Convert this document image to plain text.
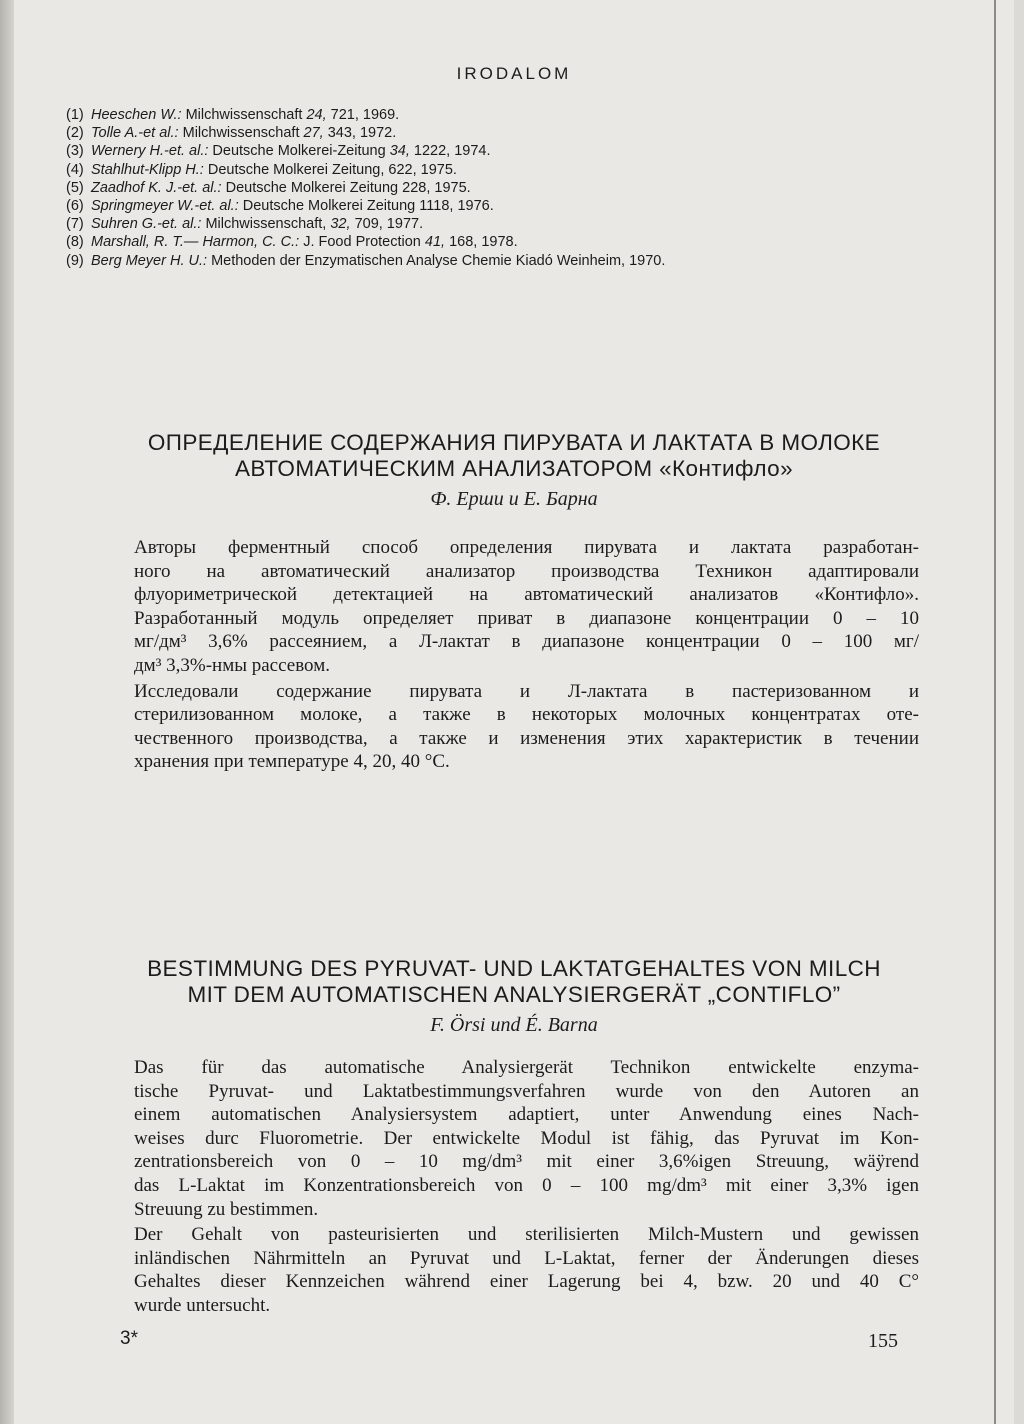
IRODALOM
(1) Heeschen W.: Milchwissenschaft 24, 721, 1969.
(2) Tolle A.-et al.: Milchwissenschaft 27, 343, 1972.
(3) Wernery H.-et. al.: Deutsche Molkerei-Zeitung 34, 1222, 1974.
(4) Stahlhut-Klipp H.: Deutsche Molkerei Zeitung, 622, 1975.
(5) Zaadhof K. J.-et. al.: Deutsche Molkerei Zeitung 228, 1975.
(6) Springmeyer W.-et. al.: Deutsche Molkerei Zeitung 1118, 1976.
(7) Suhren G.-et. al.: Milchwissenschaft, 32, 709, 1977.
(8) Marshall, R. T.— Harmon, C. C.: J. Food Protection 41, 168, 1978.
(9) Berg Meyer H. U.: Methoden der Enzymatischen Analyse Chemie Kiadó Weinheim, 1970.
ОПРЕДЕЛЕНИЕ СОДЕРЖАНИЯ ПИРУВАТА И ЛАКТАТА В МОЛОКЕ
АВТОМАТИЧЕСКИМ АНАЛИЗАТОРОМ «Контифло»
Ф. Ерши и Е. Барна

Авторы ферментный способ определения пирувата и лактата разработан-
ного на автоматический анализатор производства Техникон адаптировали
флуориметрической детектацией на автоматический анализатов «Контифло».
Разработанный модуль определяет приват в диапазоне концентрации 0 – 10
мг/дм³ 3,6% рассеянием, а Л-лактат в диапазоне концентрации 0 – 100 мг/
дм³ 3,3%-нмы рассевом.

Исследовали содержание пирувата и Л-лактата в пастеризованном и
стерилизованном молоке, а также в некоторых молочных концентратах оте-
чественного производства, а также и изменения этих характеристик в течении
хранения при температуре 4, 20, 40 °С.

BESTIMMUNG DES PYRUVAT- UND LAKTATGEHALTES VON MILCH
MIT DEM AUTOMATISCHEN ANALYSIERGERÄT „CONTIFLO”
F. Örsi und É. Barna

Das für das automatische Analysiergerät Technikon entwickelte enzyma-
tische Pyruvat- und Laktatbestimmungsverfahren wurde von den Autoren an
einem automatischen Analysiersystem adaptiert, unter Anwendung eines Nach-
weises durc Fluorometrie. Der entwickelte Modul ist fähig, das Pyruvat im Kon-
zentrationsbereich von 0 – 10 mg/dm³ mit einer 3,6%igen Streuung, wäÿrend
das L-Laktat im Konzentrationsbereich von 0 – 100 mg/dm³ mit einer 3,3% igen
Streuung zu bestimmen.

Der Gehalt von pasteurisierten und sterilisierten Milch-Mustern und gewissen
inländischen Nährmitteln an Pyruvat und L-Laktat, ferner der Änderungen dieses
Gehaltes dieser Kennzeichen während einer Lagerung bei 4, bzw. 20 und 40 C°
wurde untersucht.

3*	155
